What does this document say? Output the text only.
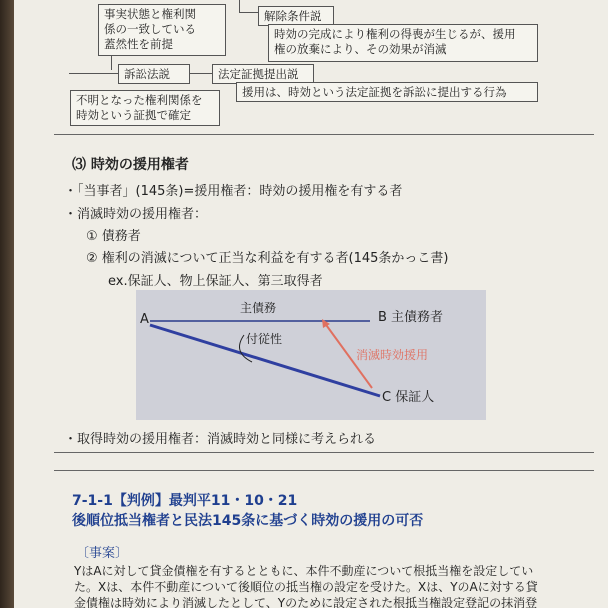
事実状態と権利関
係の一致している
蓋然性を前提
解除条件説
時効の完成により権利の得喪が生じるが、援用
権の放棄により、その効果が消滅
訴訟法説	法定証拠提出説
援用は、時効という法定証拠を訴訟に提出する行為
不明となった権利関係を
時効という証拠で確定
⑶ 時効の援用権者
・「当事者」(145条)=援用権者：時効の援用権を有する者
・消滅時効の援用権者：
① 債務者
② 権利の消滅について正当な利益を有する者(145条かっこ書)
ex.保証人、物上保証人、第三取得者
A	B 主債務者
C 保証人
主債務
付従性
消滅時効援用
・取得時効の援用権者：消滅時効と同様に考えられる
7-1-1【判例】最判平11・10・21
後順位抵当権者と民法145条に基づく時効の援用の可否
〔事案〕
YはAに対して貸金債権を有するとともに、本件不動産について根抵当権を設定してい
た。Xは、本件不動産について後順位の抵当権の設定を受けた。Xは、YのAに対する貸
金債権は時効により消滅したとして、Yのために設定された根抵当権設定登記の抹消登
